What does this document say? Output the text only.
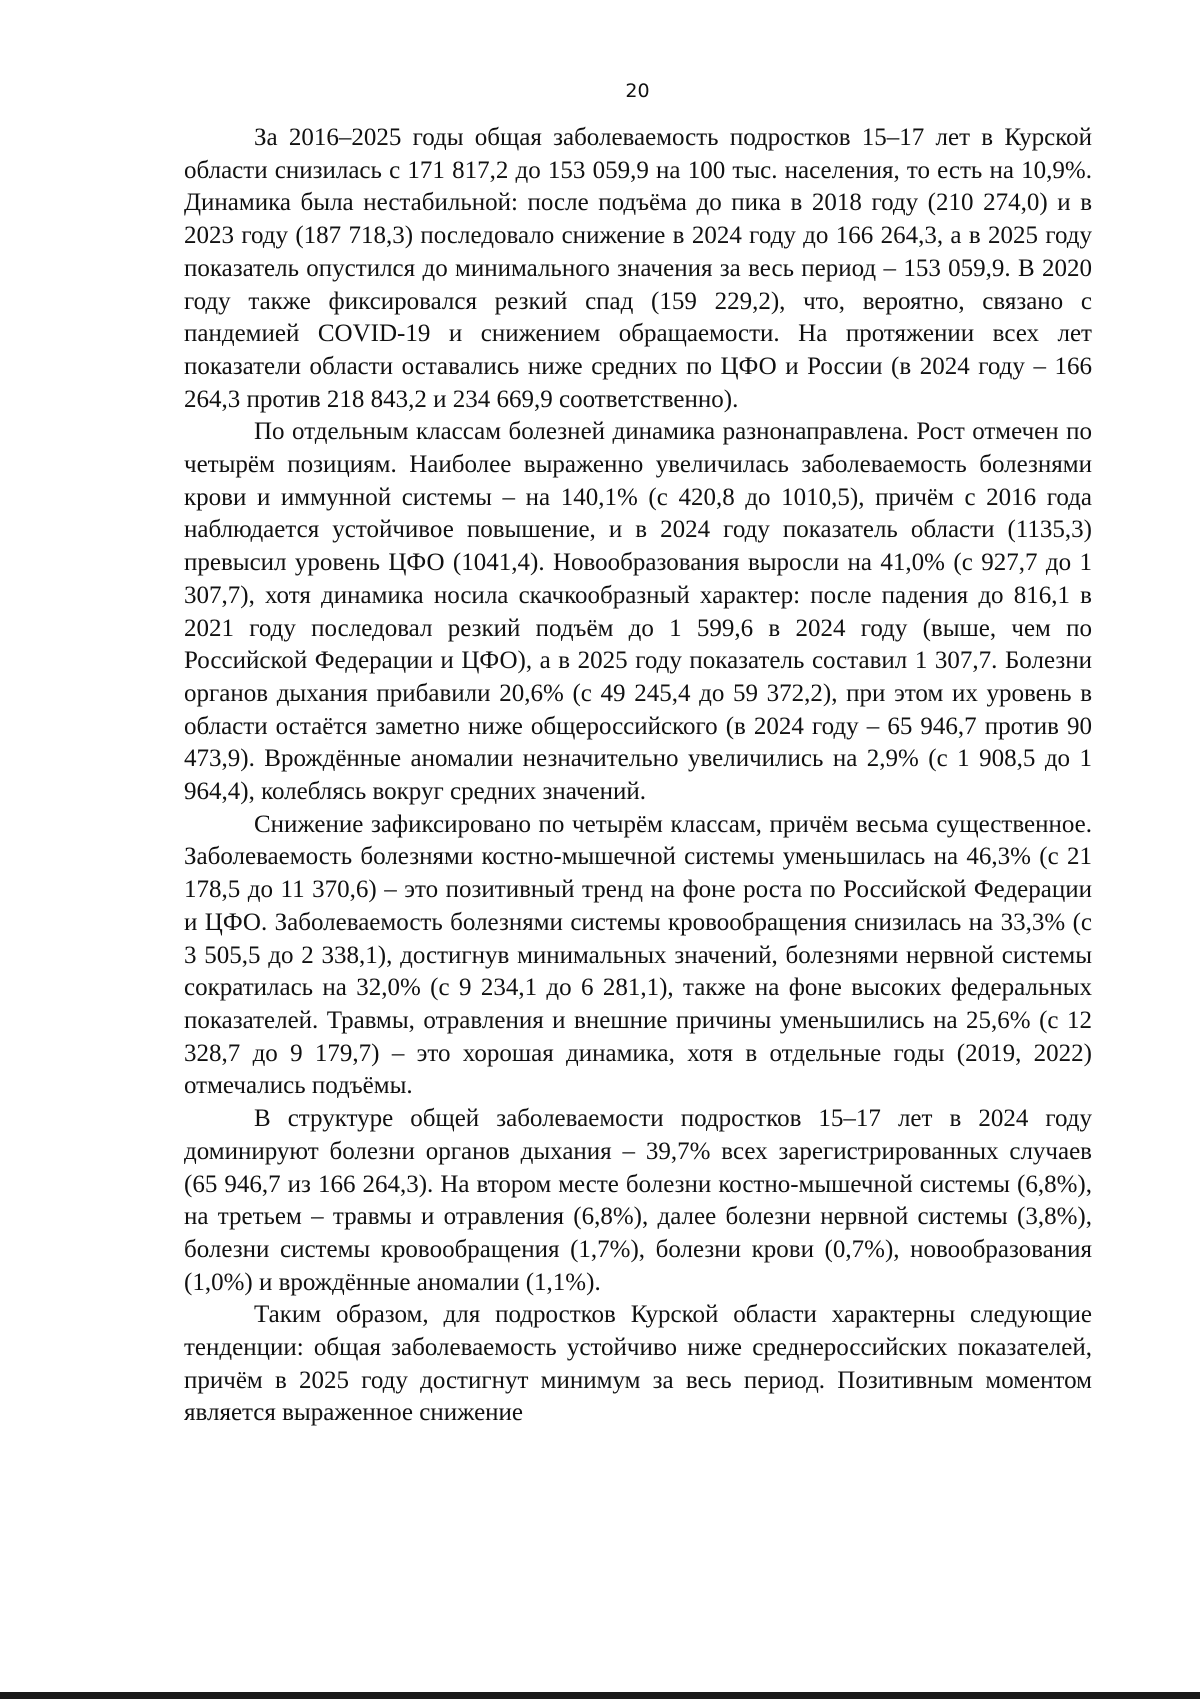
20

За 2016–2025 годы общая заболеваемость подростков 15–17 лет в Курской области снизилась с 171 817,2 до 153 059,9 на 100 тыс. населения, то есть на 10,9%. Динамика была нестабильной: после подъёма до пика в 2018 году (210 274,0) и в 2023 году (187 718,3) последовало снижение в 2024 году до 166 264,3, а в 2025 году показатель опустился до минимального значения за весь период – 153 059,9. В 2020 году также фиксировался резкий спад (159 229,2), что, вероятно, связано с пандемией COVID-19 и снижением обращаемости. На протяжении всех лет показатели области оставались ниже средних по ЦФО и России (в 2024 году – 166 264,3 против 218 843,2 и 234 669,9 соответственно).

По отдельным классам болезней динамика разнонаправлена. Рост отмечен по четырём позициям. Наиболее выраженно увеличилась заболеваемость болезнями крови и иммунной системы – на 140,1% (с 420,8 до 1010,5), причём с 2016 года наблюдается устойчивое повышение, и в 2024 году показатель области (1135,3) превысил уровень ЦФО (1041,4). Новообразования выросли на 41,0% (с 927,7 до 1 307,7), хотя динамика носила скачкообразный характер: после падения до 816,1 в 2021 году последовал резкий подъём до 1 599,6 в 2024 году (выше, чем по Российской Федерации и ЦФО), а в 2025 году показатель составил 1 307,7. Болезни органов дыхания прибавили 20,6% (с 49 245,4 до 59 372,2), при этом их уровень в области остаётся заметно ниже общероссийского (в 2024 году – 65 946,7 против 90 473,9). Врождённые аномалии незначительно увеличились на 2,9% (с 1 908,5 до 1 964,4), колеблясь вокруг средних значений.

Снижение зафиксировано по четырём классам, причём весьма существенное. Заболеваемость болезнями костно-мышечной системы уменьшилась на 46,3% (с 21 178,5 до 11 370,6) – это позитивный тренд на фоне роста по Российской Федерации и ЦФО. Заболеваемость болезнями системы кровообращения снизилась на 33,3% (с 3 505,5 до 2 338,1), достигнув минимальных значений, болезнями нервной системы сократилась на 32,0% (с 9 234,1 до 6 281,1), также на фоне высоких федеральных показателей. Травмы, отравления и внешние причины уменьшились на 25,6% (с 12 328,7 до 9 179,7) – это хорошая динамика, хотя в отдельные годы (2019, 2022) отмечались подъёмы.

В структуре общей заболеваемости подростков 15–17 лет в 2024 году доминируют болезни органов дыхания – 39,7% всех зарегистрированных случаев (65 946,7 из 166 264,3). На втором месте болезни костно-мышечной системы (6,8%), на третьем – травмы и отравления (6,8%), далее болезни нервной системы (3,8%), болезни системы кровообращения (1,7%), болезни крови (0,7%), новообразования (1,0%) и врождённые аномалии (1,1%).

Таким образом, для подростков Курской области характерны следующие тенденции: общая заболеваемость устойчиво ниже среднероссийских показателей, причём в 2025 году достигнут минимум за весь период. Позитивным моментом является выраженное снижение
